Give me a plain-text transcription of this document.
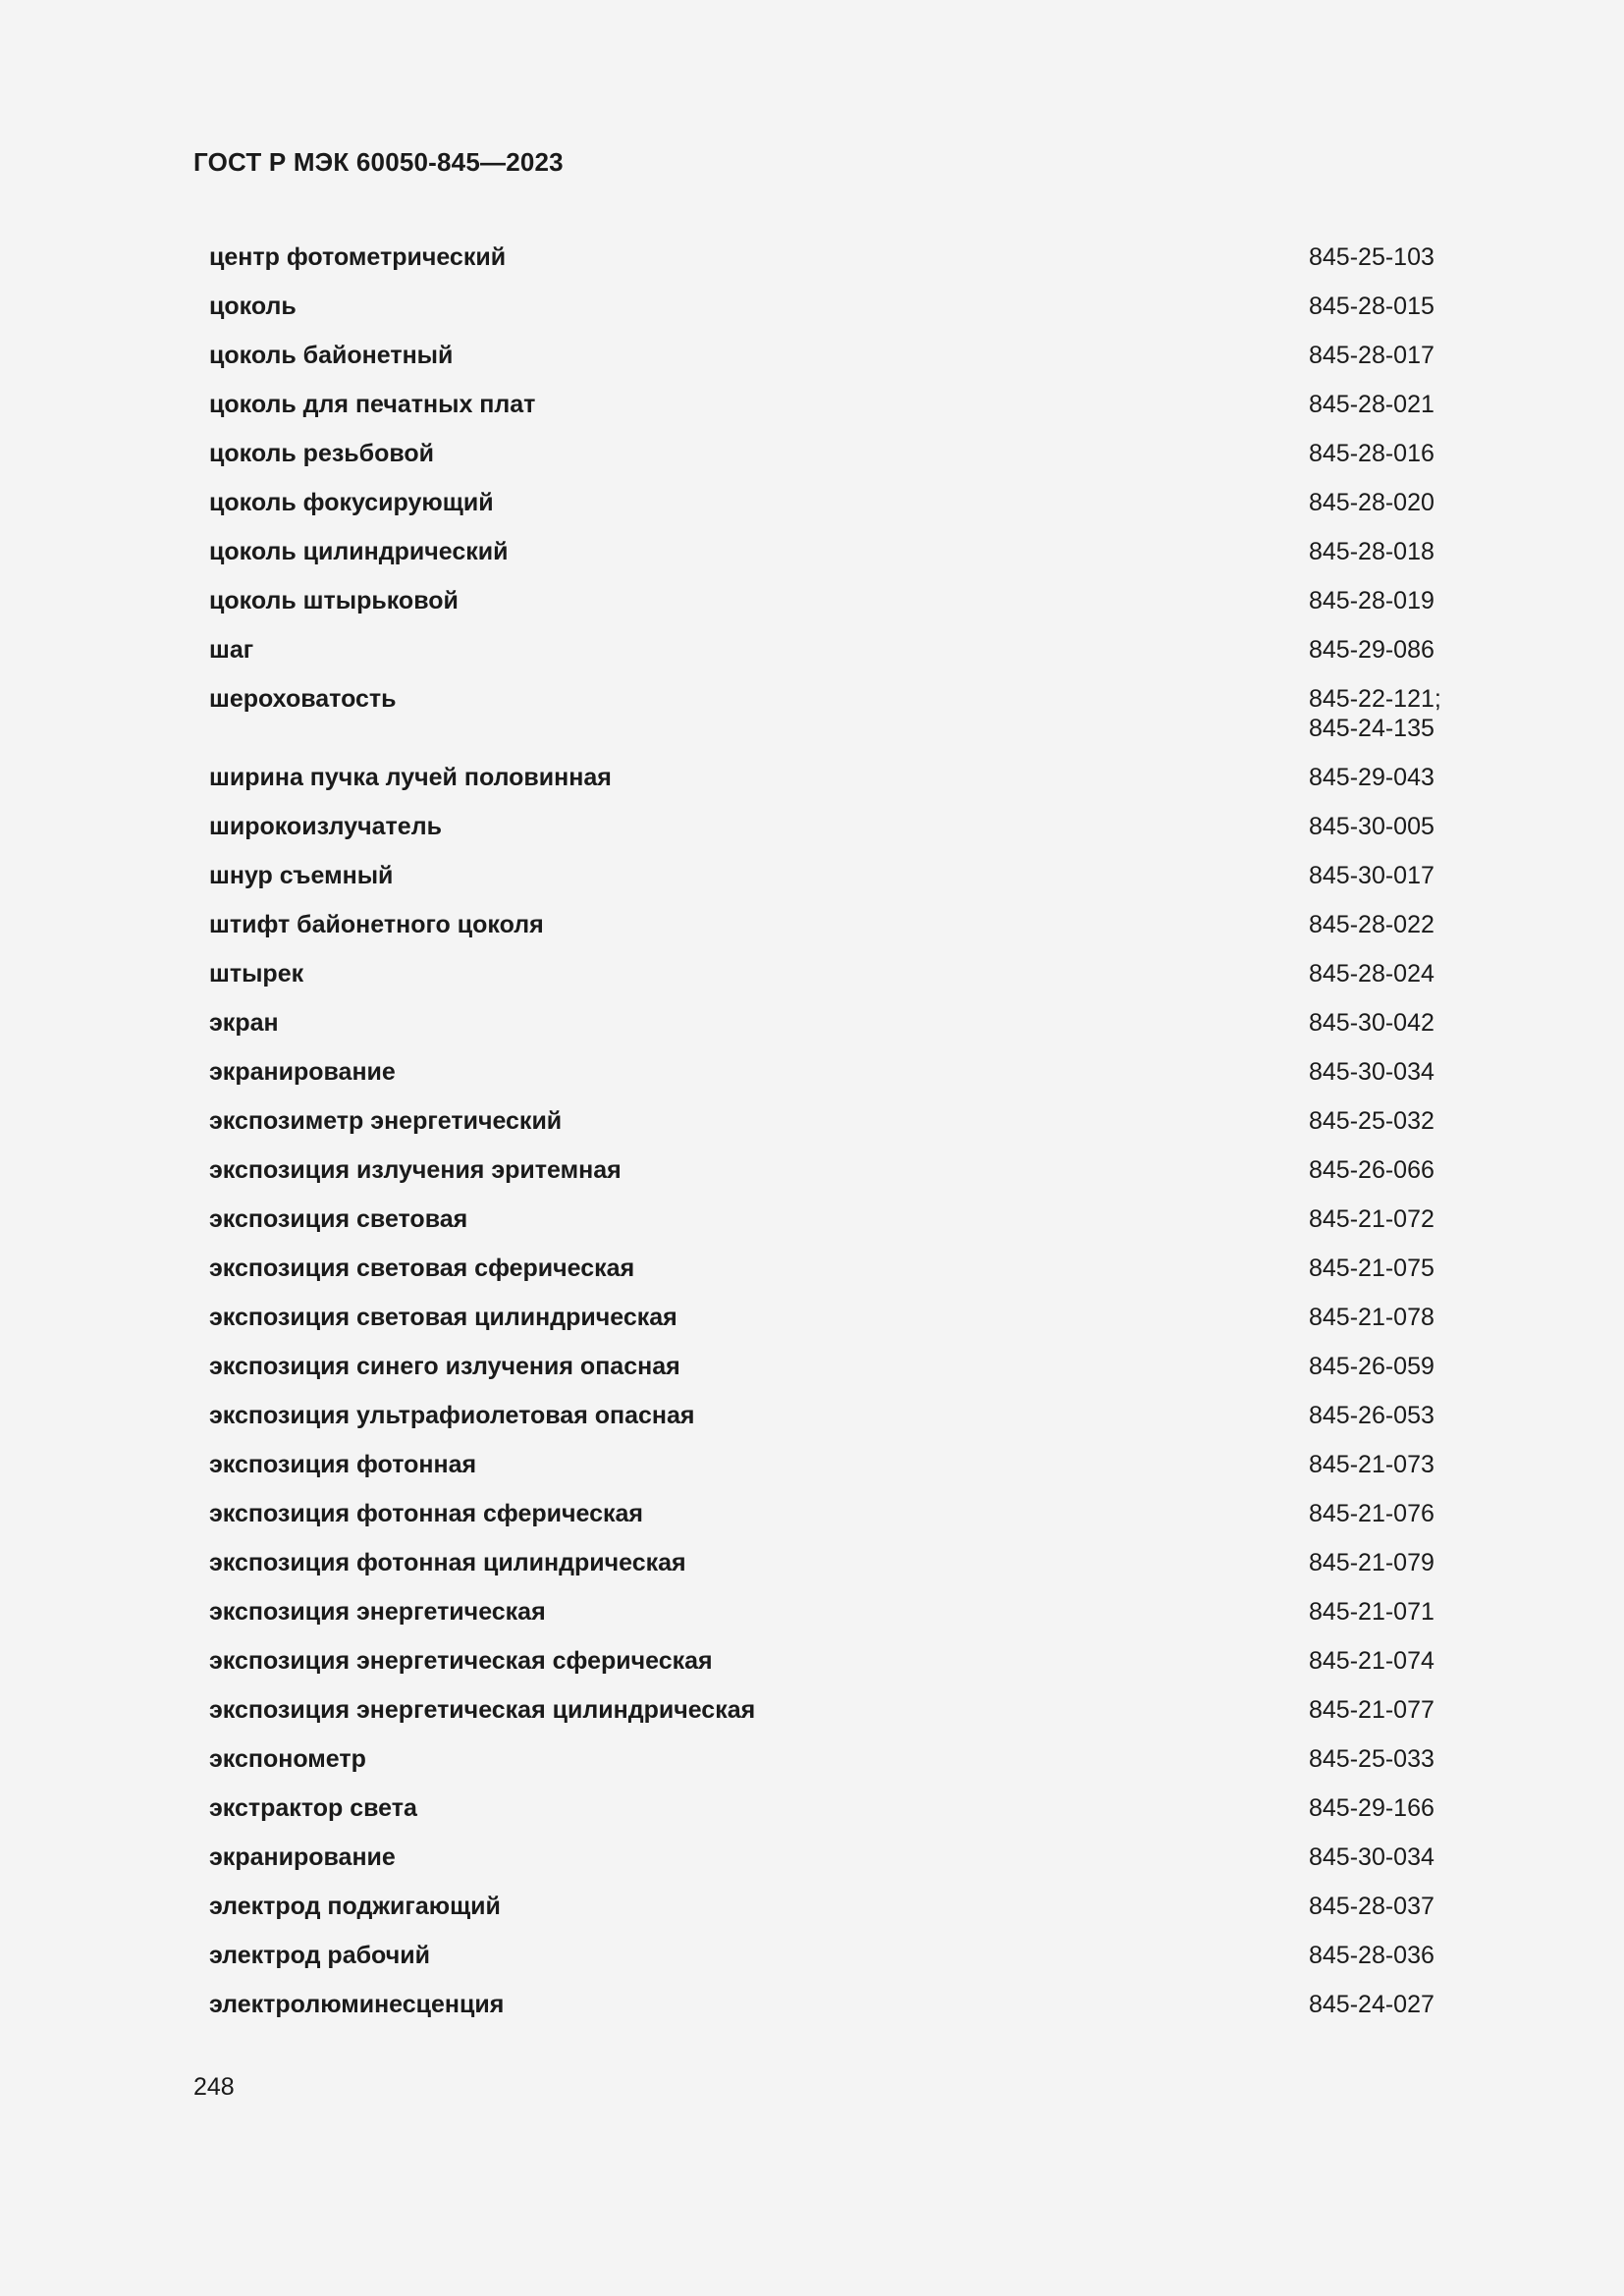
ГОСТ Р МЭК 60050-845—2023
центр фотометрический	845-25-103
цоколь	845-28-015
цоколь байонетный	845-28-017
цоколь для печатных плат	845-28-021
цоколь резьбовой	845-28-016
цоколь фокусирующий	845-28-020
цоколь цилиндрический	845-28-018
цоколь штырьковой	845-28-019
шаг	845-29-086
шероховатость	845-22-121;
845-24-135
ширина пучка лучей половинная	845-29-043
широкоизлучатель	845-30-005
шнур съемный	845-30-017
штифт байонетного цоколя	845-28-022
штырек	845-28-024
экран	845-30-042
экранирование	845-30-034
экспозиметр энергетический	845-25-032
экспозиция излучения эритемная	845-26-066
экспозиция световая	845-21-072
экспозиция световая сферическая	845-21-075
экспозиция световая цилиндрическая	845-21-078
экспозиция синего излучения опасная	845-26-059
экспозиция ультрафиолетовая опасная	845-26-053
экспозиция фотонная	845-21-073
экспозиция фотонная сферическая	845-21-076
экспозиция фотонная цилиндрическая	845-21-079
экспозиция энергетическая	845-21-071
экспозиция энергетическая сферическая	845-21-074
экспозиция энергетическая цилиндрическая	845-21-077
экспонометр	845-25-033
экстрактор света	845-29-166
экранирование	845-30-034
электрод поджигающий	845-28-037
электрод рабочий	845-28-036
электролюминесценция	845-24-027
248
